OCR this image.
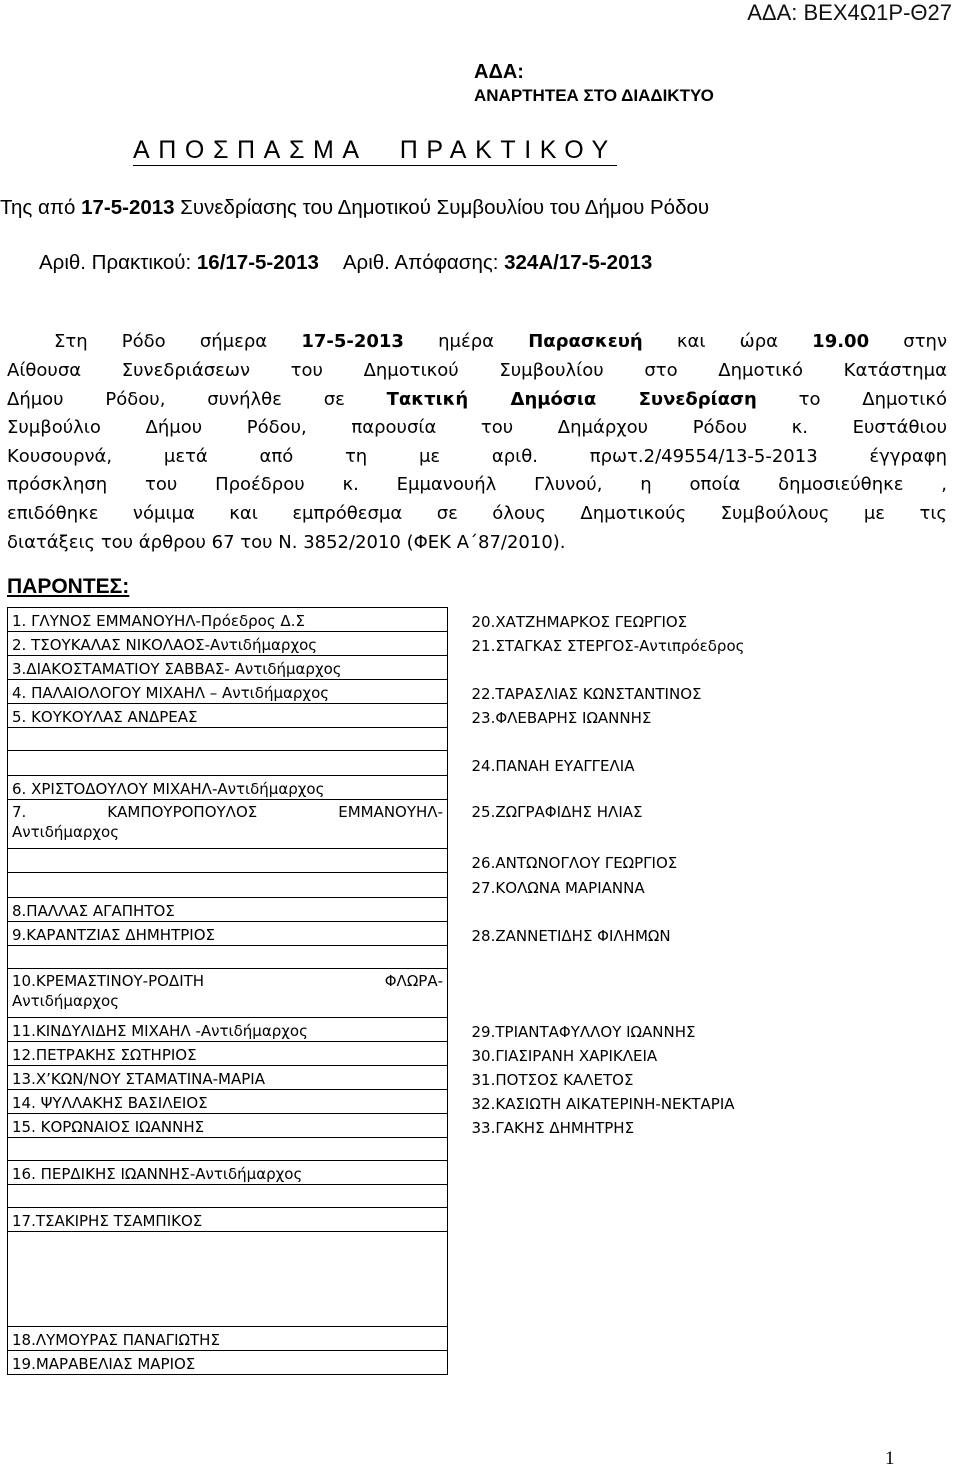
ΑΔΑ: ΒΕΧ4Ω1Ρ-Θ27
ΑΔΑ:
ΑΝΑΡΤΗΤΕΑ ΣΤΟ ΔΙΑΔΙΚΤΥΟ
ΑΠΟΣΠΑΣΜΑ ΠΡΑΚΤΙΚΟΥ
Της από 17-5-2013 Συνεδρίασης του Δημοτικού Συμβουλίου του Δήμου Ρόδου
Αριθ. Πρακτικού: 16/17-5-2013 Αριθ. Απόφασης: 324Α/17-5-2013
Στη Ρόδο σήμερα 17-5-2013 ημέρα Παρασκευή και ώρα 19.00 στην
Αίθουσα Συνεδριάσεων του Δημοτικού Συμβουλίου στο Δημοτικό Κατάστημα
Δήμου Ρόδου, συνήλθε σε Τακτική Δημόσια Συνεδρίαση το Δημοτικό
Συμβούλιο Δήμου Ρόδου, παρουσία του Δημάρχου Ρόδου κ. Ευστάθιου
Κουσουρνά, μετά από τη με αριθ. πρωτ.2/49554/13-5-2013 έγγραφη
πρόσκληση του Προέδρου κ. Εμμανουήλ Γλυνού, η οποία δημοσιεύθηκε ,
επιδόθηκε νόμιμα και εμπρόθεσμα σε όλους Δημοτικούς Συμβούλους με τις
διατάξεις του άρθρου 67 του Ν. 3852/2010 (ΦΕΚ Α΄87/2010).
ΠΑΡΟΝΤΕΣ:
1. ΓΛΥΝΟΣ ΕΜΜΑΝΟΥΗΛ-Πρόεδρος Δ.Σ		20.ΧΑΤΖΗΜΑΡΚΟΣ ΓΕΩΡΓΙΟΣ
2. ΤΣΟΥΚΑΛΑΣ ΝΙΚΟΛΑΟΣ-Αντιδήμαρχος		21.ΣΤΑΓΚΑΣ ΣΤΕΡΓΟΣ-Αντιπρόεδρος
3.ΔΙΑΚΟΣΤΑΜΑΤΙΟΥ ΣΑΒΒΑΣ- Αντιδήμαρχος		
4. ΠΑΛΑΙΟΛΟΓΟΥ ΜΙΧΑΗΛ – Αντιδήμαρχος		22.ΤΑΡΑΣΛΙΑΣ ΚΩΝΣΤΑΝΤΙΝΟΣ
5. ΚΟΥΚΟΥΛΑΣ ΑΝΔΡΕΑΣ		23.ΦΛΕΒΑΡΗΣ ΙΩΑΝΝΗΣ

		24.ΠΑΝΑΗ ΕΥΑΓΓΕΛΙΑ
6. ΧΡΙΣΤΟΔΟΥΛΟΥ ΜΙΧΑΗΛ-Αντιδήμαρχος		

7. ΚΑΜΠΟΥΡΟΠΟΥΛΟΣ ΕΜΜΑΝΟΥΗΛ-
Αντιδήμαρχος		25.ΖΩΓΡΑΦΙΔΗΣ ΗΛΙΑΣ
		26.ΑΝΤΩΝΟΓΛΟΥ ΓΕΩΡΓΙΟΣ
		27.ΚΟΛΩΝΑ ΜΑΡΙΑΝΝΑ
8.ΠΑΛΛΑΣ ΑΓΑΠΗΤΟΣ		
9.ΚΑΡΑΝΤΖΙΑΣ ΔΗΜΗΤΡΙΟΣ		28.ΖΑΝΝΕΤΙΔΗΣ ΦΙΛΗΜΩΝ

10.ΚΡΕΜΑΣΤΙΝΟΥ-ΡΟΔΙΤΗ ΦΛΩΡΑ-
Αντιδήμαρχος		

11.ΚΙΝΔΥΛΙΔΗΣ ΜΙΧΑΗΛ -Αντιδήμαρχος		29.ΤΡΙΑΝΤΑΦΥΛΛΟΥ ΙΩΑΝΝΗΣ
12.ΠΕΤΡΑΚΗΣ ΣΩΤΗΡΙΟΣ		30.ΓΙΑΣΙΡΑΝΗ ΧΑΡΙΚΛΕΙΑ
13.Χ’ΚΩΝ/ΝΟΥ ΣΤΑΜΑΤΙΝΑ-ΜΑΡΙΑ		31.ΠΟΤΣΟΣ ΚΑΛΕΤΟΣ
14. ΨΥΛΛΑΚΗΣ ΒΑΣΙΛΕΙΟΣ		32.ΚΑΣΙΩΤΗ ΑΙΚΑΤΕΡΙΝΗ-ΝΕΚΤΑΡΙΑ
15. ΚΟΡΩΝΑΙΟΣ ΙΩΑΝΝΗΣ		33.ΓΑΚΗΣ ΔΗΜΗΤΡΗΣ

16. ΠΕΡΔΙΚΗΣ ΙΩΑΝΝΗΣ-Αντιδήμαρχος		

17.ΤΣΑΚΙΡΗΣ ΤΣΑΜΠΙΚΟΣ		

18.ΛΥΜΟΥΡΑΣ ΠΑΝΑΓΙΩΤΗΣ		
19.ΜΑΡΑΒΕΛΙΑΣ ΜΑΡΙΟΣ		
1
